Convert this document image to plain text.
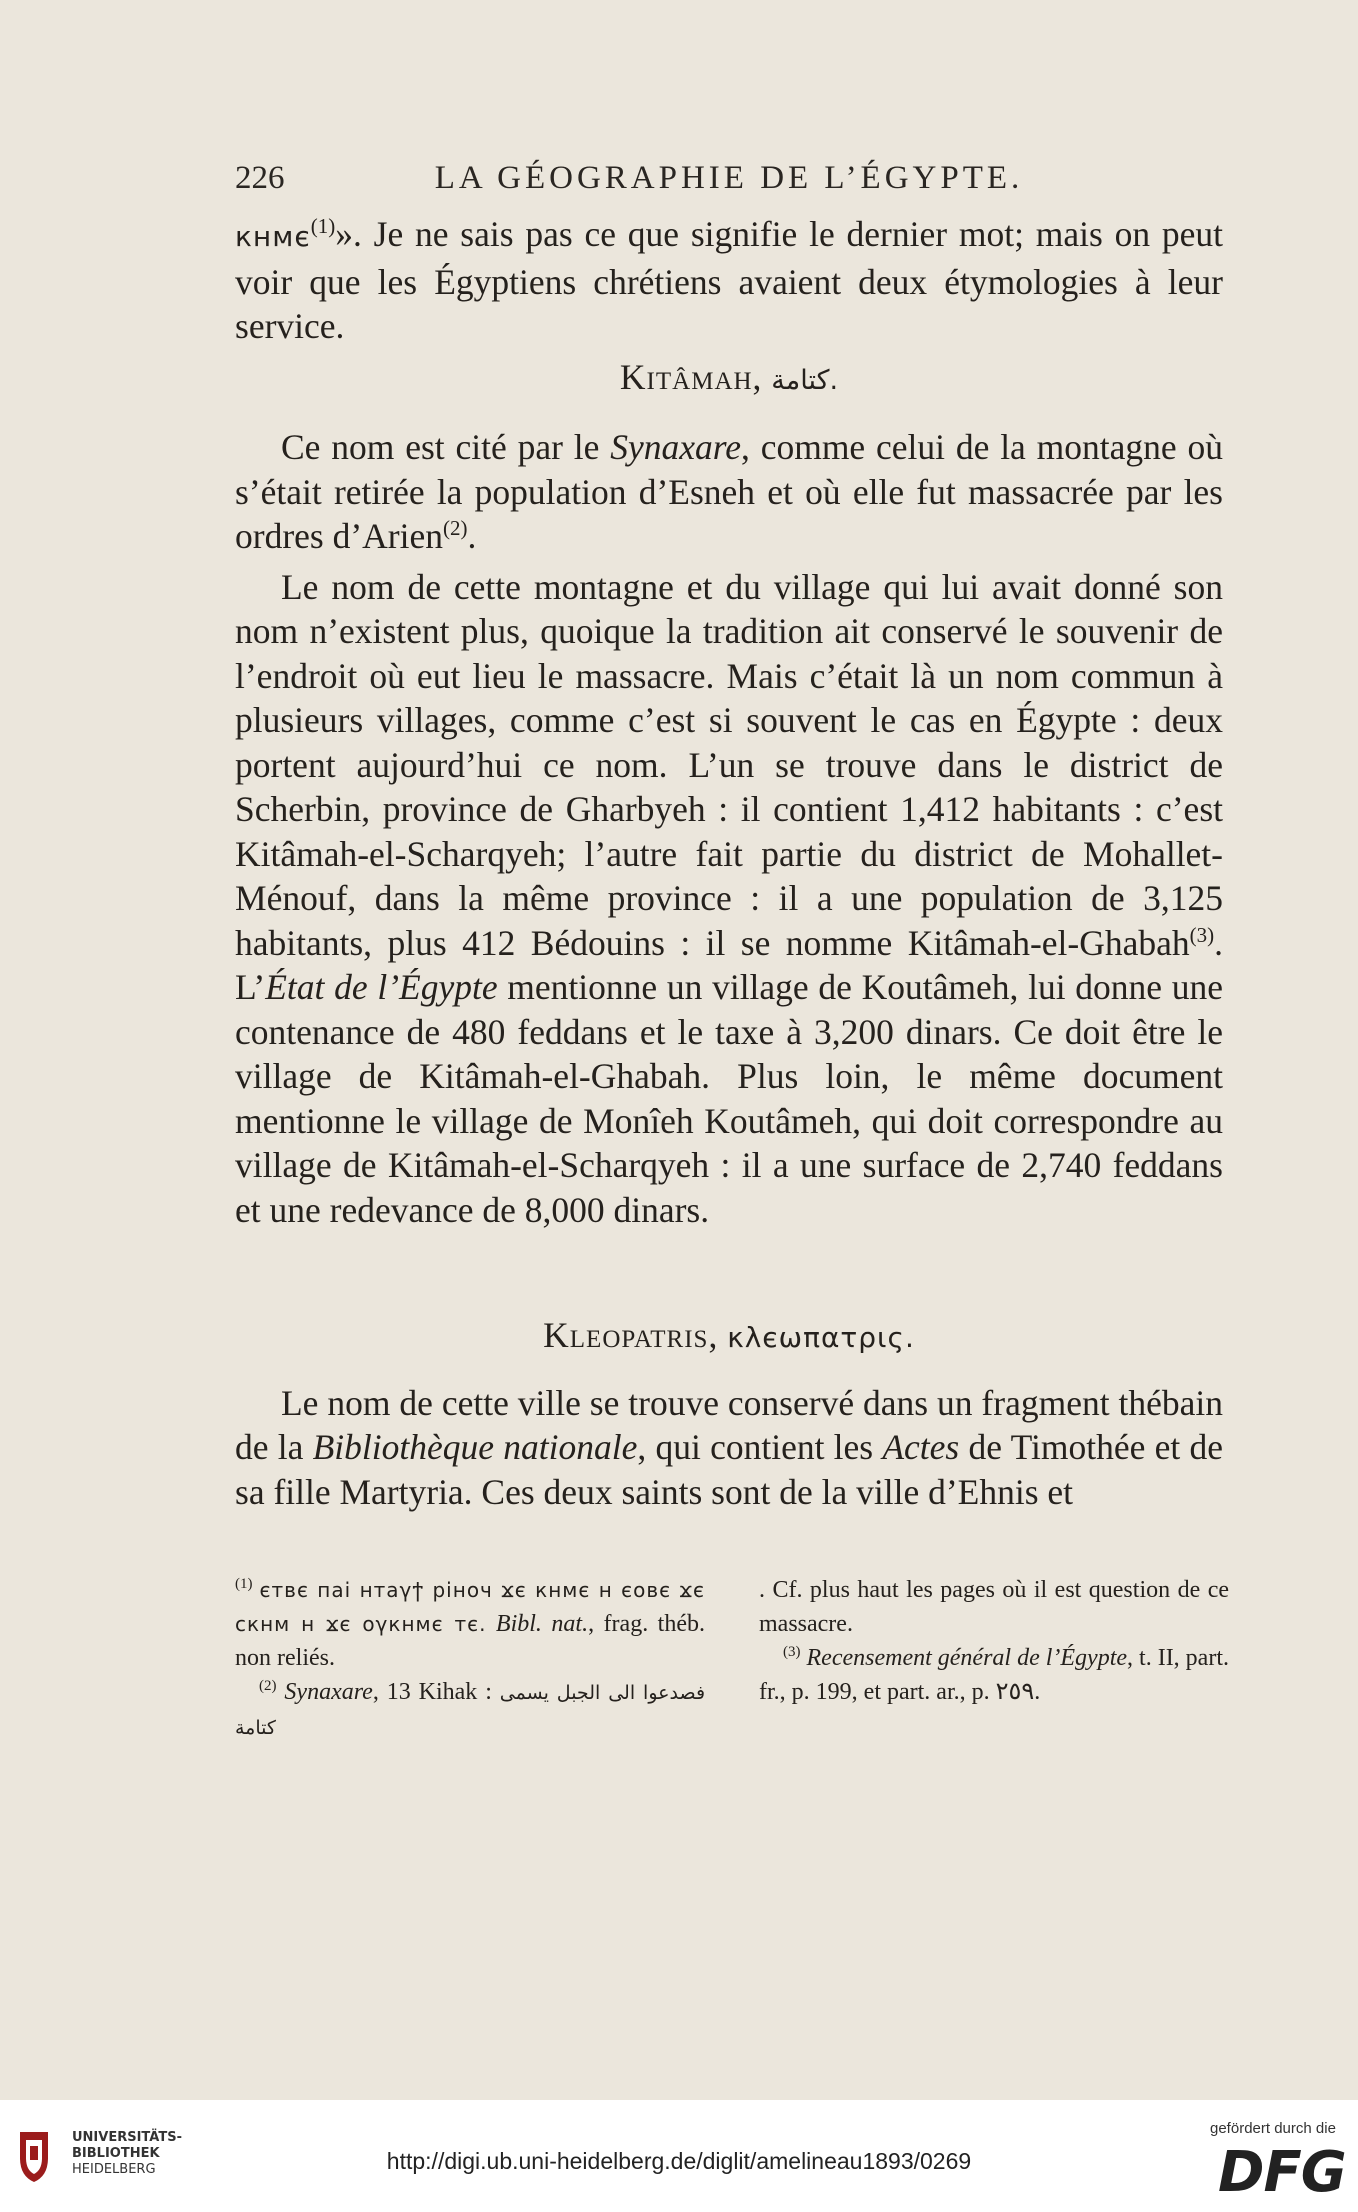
226	LA GÉOGRAPHIE DE L’ÉGYPTE.

кнмє$^{(1)}$». Je ne sais pas ce que signifie le dernier mot; mais on peut voir que les Égyptiens chrétiens avaient deux étymologies à leur service.

Kitâmah, كتامة.

Ce nom est cité par le Synaxare, comme celui de la montagne où s’était retirée la population d’Esneh et où elle fut massacrée par les ordres d’Arien$^{(2)}$.

Le nom de cette montagne et du village qui lui avait donné son nom n’existent plus, quoique la tradition ait conservé le souvenir de l’endroit où eut lieu le massacre. Mais c’était là un nom commun à plusieurs villages, comme c’est si souvent le cas en Égypte : deux portent aujourd’hui ce nom. L’un se trouve dans le district de Scherbin, province de Gharbyeh : il contient 1,412 habitants : c’est Kitâmah-el-Scharqyeh; l’autre fait partie du district de Mohallet-Ménouf, dans la même province : il a une population de 3,125 habitants, plus 412 Bédouins : il se nomme Kitâmah-el-Ghabah$^{(3)}$. L’État de l’Égypte mentionne un village de Koutâmeh, lui donne une contenance de 480 feddans et le taxe à 3,200 dinars. Ce doit être le village de Kitâmah-el-Ghabah. Plus loin, le même document mentionne le village de Monîeh Koutâmeh, qui doit correspondre au village de Kitâmah-el-Scharqyeh : il a une surface de 2,740 feddans et une redevance de 8,000 dinars.

Kleopatris, κλєωπατρις.

Le nom de cette ville se trouve conservé dans un fragment thébain de la Bibliothèque nationale, qui contient les Actes de Timothée et de sa fille Martyria. Ces deux saints sont de la ville d’Ehnis et

$^{(1)}$ єтвє паі нтаγϯ ріноч ϫє кнмє н єовє ϫє скнм н ϫє оγкнмє тє. Bibl. nat., frag. théb. non reliés.

$^{(2)}$ Synaxare, 13 Kihak : فصدعوا الى الجبل يسمى كتامة

. Cf. plus haut les pages où il est question de ce massacre.

$^{(3)}$ Recensement général de l’Égypte, t. II, part. fr., p. 199, et part. ar., p. ٢٥٩.

UNIVERSITÄTS-
BIBLIOTHEK
HEIDELBERG	http://digi.ub.uni-heidelberg.de/diglit/amelineau1893/0269
gefördert durch die
DFG
